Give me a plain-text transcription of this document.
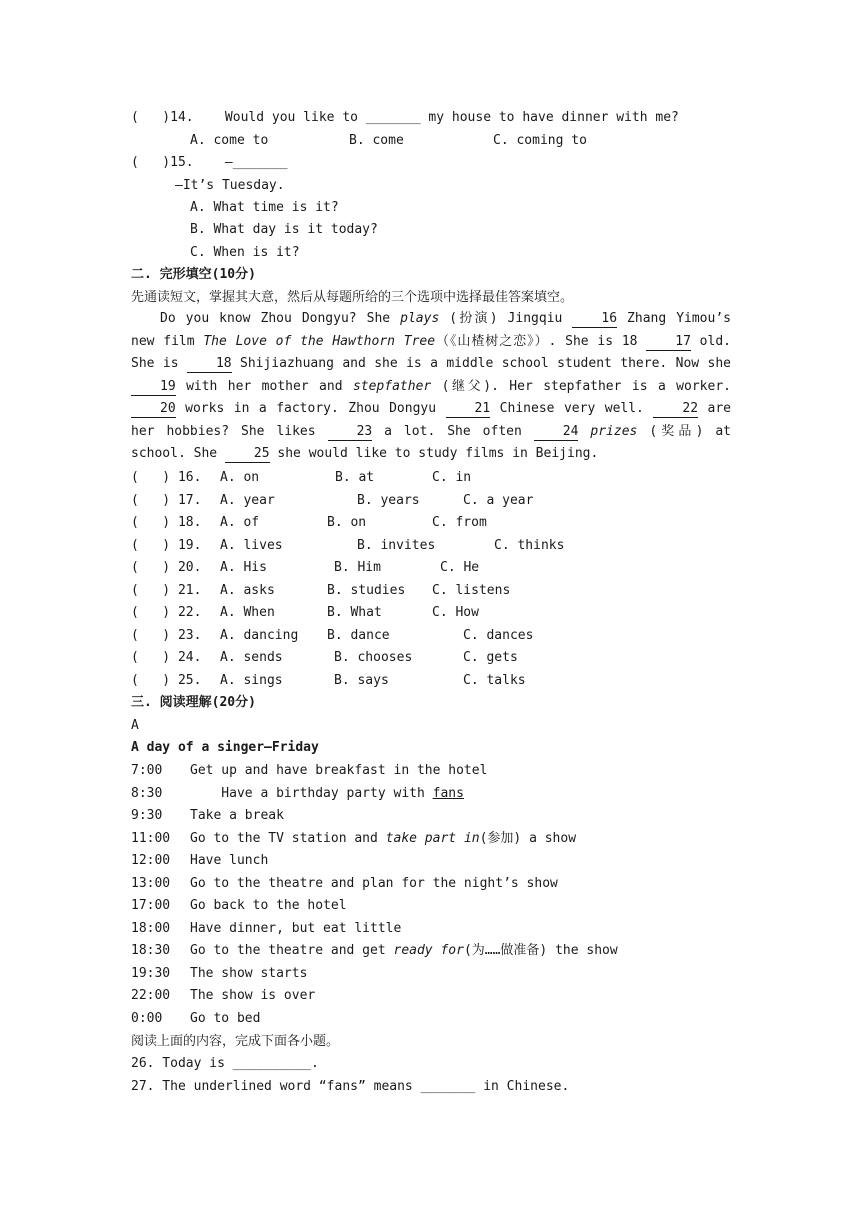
(   )14.    Would you like to _______ my house to have dinner with me?
A. come to	B. come	C. coming to
(   )15.    —_______
—It’s Tuesday.
A. What time is it?
B. What day is it today?
C. When is it?
二. 完形填空(10分)
先通读短文，掌握其大意，然后从每题所给的三个选项中选择最佳答案填空。
Do you know Zhou Dongyu? She plays (扮演) Jingqiu 16 Zhang Yimou’s new film The Love of the Hawthorn Tree（《山楂树之恋》）. She is 18 17 old. She is 18 Shijiazhuang and she is a middle school student there. Now she 19 with her mother and stepfather (继父). Her stepfather is a worker. 20 works in a factory. Zhou Dongyu 21 Chinese very well. 22 are her hobbies? She likes 23 a lot. She often 24 prizes (奖品) at school. She 25 she would like to study films in Beijing.
(   ) 16. A. on	B. at	C. in
(   ) 17. A. year	B. years	C. a year
(   ) 18. A. of	B. on	C. from
(   ) 19. A. lives	B. invites	C. thinks
(   ) 20. A. His	B. Him	C. He
(   ) 21. A. asks	B. studies C. listens
(   ) 22. A. When	B. What	C. How
(   ) 23. A. dancing B. dance	C. dances
(   ) 24. A. sends	B. chooses	C. gets
(   ) 25. A. sings	B. says	C. talks
三. 阅读理解(20分)
A
A day of a singer—Friday
7:00 Get up and have breakfast in the hotel
8:30 Have a birthday party with fans
9:30 Take a break
11:00 Go to the TV station and take part in(参加) a show
12:00 Have lunch
13:00 Go to the theatre and plan for the night’s show
17:00 Go back to the hotel
18:00 Have dinner, but eat little
18:30 Go to the theatre and get ready for(为……做准备) the show
19:30 The show starts
22:00 The show is over
0:00 Go to bed
阅读上面的内容，完成下面各小题。
26. Today is __________.
27. The underlined word “fans” means _______ in Chinese.
